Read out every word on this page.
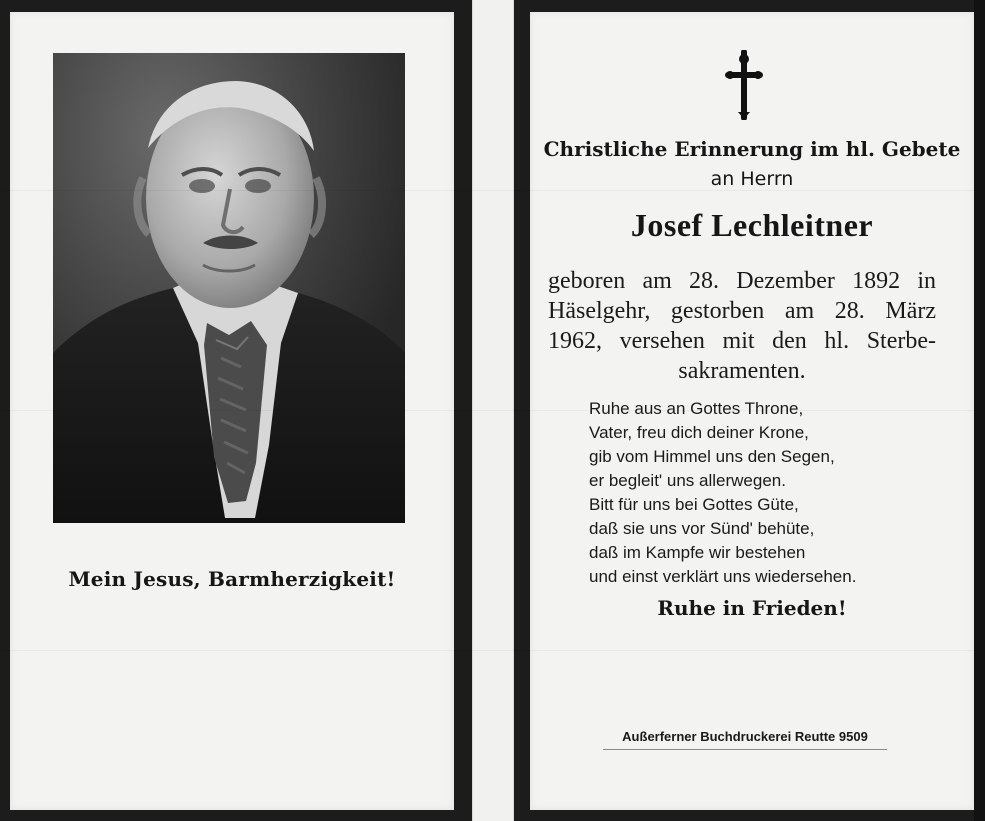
Mein Jesus, Barmherzigkeit!
Christliche Erinnerung im hl. Gebete
an Herrn
Josef Lechleitner
geboren am 28. Dezember 1892 in
Häselgehr, gestorben am 28. März
1962, versehen mit den hl. Sterbe-
sakramenten.
Ruhe aus an Gottes Throne,
Vater, freu dich deiner Krone,
gib vom Himmel uns den Segen,
er begleit' uns allerwegen.
Bitt für uns bei Gottes Güte,
daß sie uns vor Sünd' behüte,
daß im Kampfe wir bestehen
und einst verklärt uns wiedersehen.
Ruhe in Frieden!
Außerferner Buchdruckerei Reutte 9509
